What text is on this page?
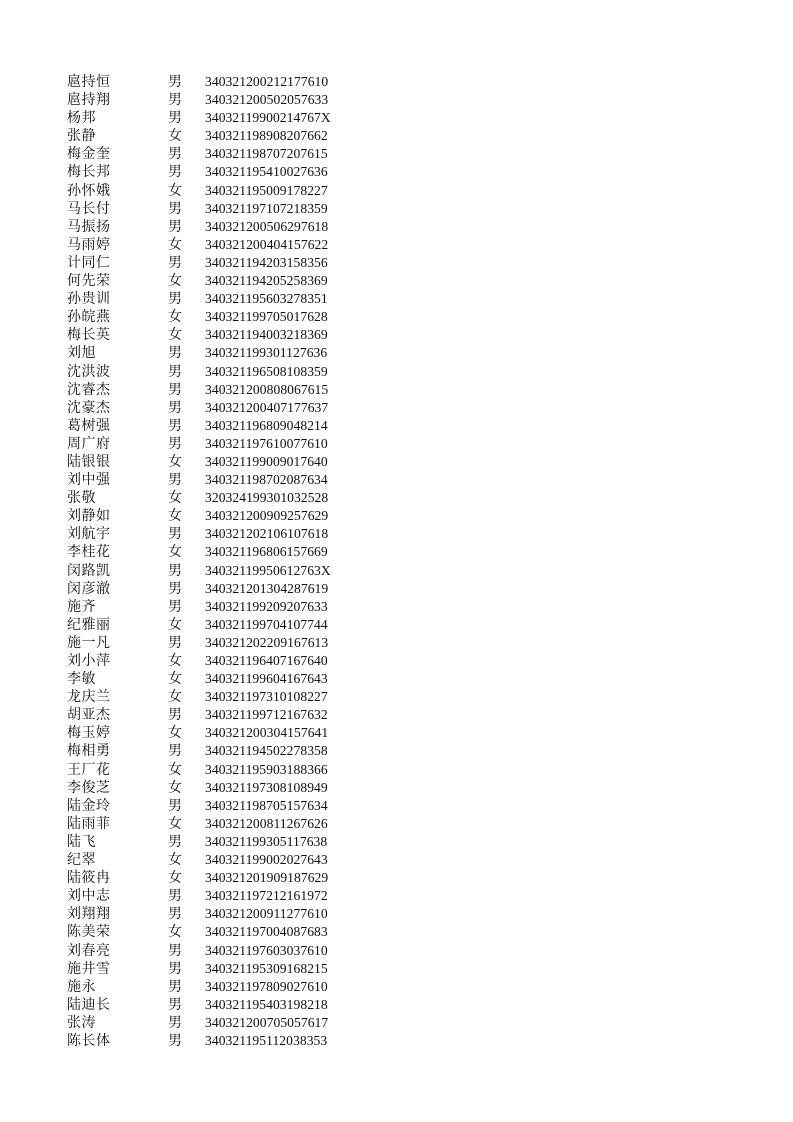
扈持恒	男 340321200212177610
扈持翔	男 340321200502057633
杨邦	男 34032119900214767X
张静	女 340321198908207662
梅金奎	男 340321198707207615
梅长邦	男 340321195410027636
孙怀娥	女 340321195009178227
马长付	男 340321197107218359
马振扬	男 340321200506297618
马雨婷	女 340321200404157622
计同仁	男 340321194203158356
何先荣	女 340321194205258369
孙贵训	男 340321195603278351
孙皖燕	女 340321199705017628
梅长英	女 340321194003218369
刘旭	男 340321199301127636
沈洪波	男 340321196508108359
沈睿杰	男 340321200808067615
沈豪杰	男 340321200407177637
葛树强	男 340321196809048214
周广府	男 340321197610077610
陆银银	女 340321199009017640
刘中强	男 340321198702087634
张敬	女 320324199301032528
刘静如	女 340321200909257629
刘航宇	男 340321202106107618
李桂花	女 340321196806157669
闵路凯	男 34032119950612763X
闵彦澈	男 340321201304287619
施齐	男 340321199209207633
纪雅丽	女 340321199704107744
施一凡	男 340321202209167613
刘小萍	女 340321196407167640
李敏	女 340321199604167643
龙庆兰	女 340321197310108227
胡亚杰	男 340321199712167632
梅玉婷	女 340321200304157641
梅相勇	男 340321194502278358
王厂花	女 340321195903188366
李俊芝	女 340321197308108949
陆金玲	男 340321198705157634
陆雨菲	女 340321200811267626
陆飞	男 340321199305117638
纪翠	女 340321199002027643
陆筱冉	女 340321201909187629
刘中志	男 340321197212161972
刘翔翔	男 340321200911277610
陈美荣	女 340321197004087683
刘春亮	男 340321197603037610
施井雪	男 340321195309168215
施永	男 340321197809027610
陆迪长	男 340321195403198218
张涛	男 340321200705057617
陈长体	男 340321195112038353
